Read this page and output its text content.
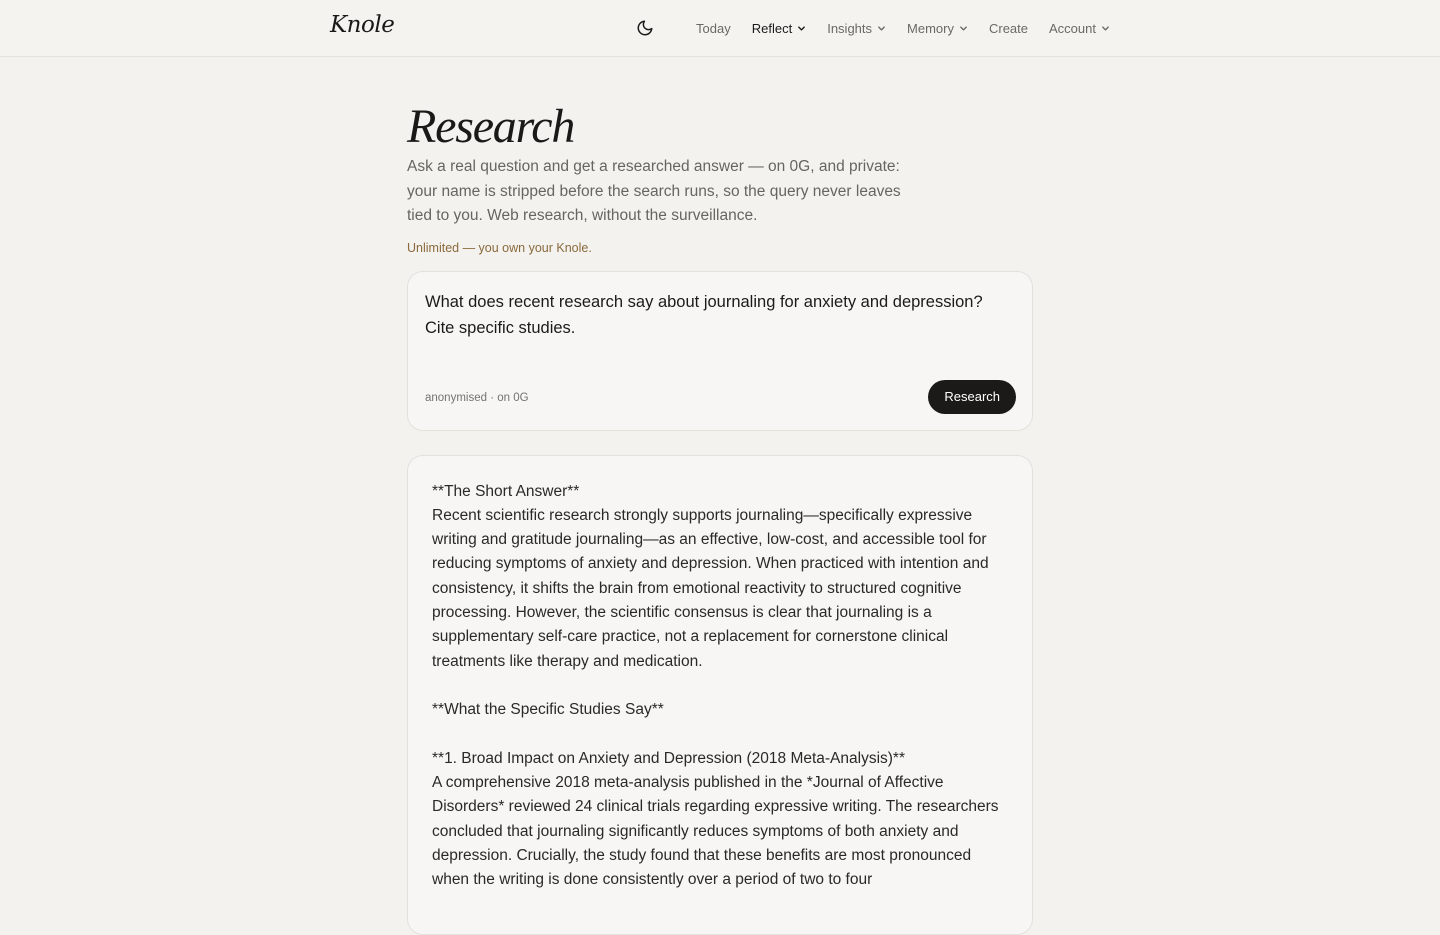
Knole	Today Reflect	Insights	Memory	Create Account
Research
Ask a real question and get a researched answer — on 0G, and private: your name is stripped before the search runs, so the query never leaves tied to you. Web research, without the surveillance.
Unlimited — you own your Knole.
What does recent research say about journaling for anxiety and depression? Cite specific studies.
anonymised · on 0G	Research

**The Short Answer**
Recent scientific research strongly supports journaling—specifically expressive writing and gratitude journaling—as an effective, low-cost, and accessible tool for reducing symptoms of anxiety and depression. When practiced with intention and consistency, it shifts the brain from emotional reactivity to structured cognitive processing. However, the scientific consensus is clear that journaling is a supplementary self-care practice, not a replacement for cornerstone clinical treatments like therapy and medication.

**What the Specific Studies Say**

**1. Broad Impact on Anxiety and Depression (2018 Meta-Analysis)**
A comprehensive 2018 meta-analysis published in the *Journal of Affective Disorders* reviewed 24 clinical trials regarding expressive writing. The researchers concluded that journaling significantly reduces symptoms of both anxiety and depression. Crucially, the study found that these benefits are most pronounced when the writing is done consistently over a period of two to four
